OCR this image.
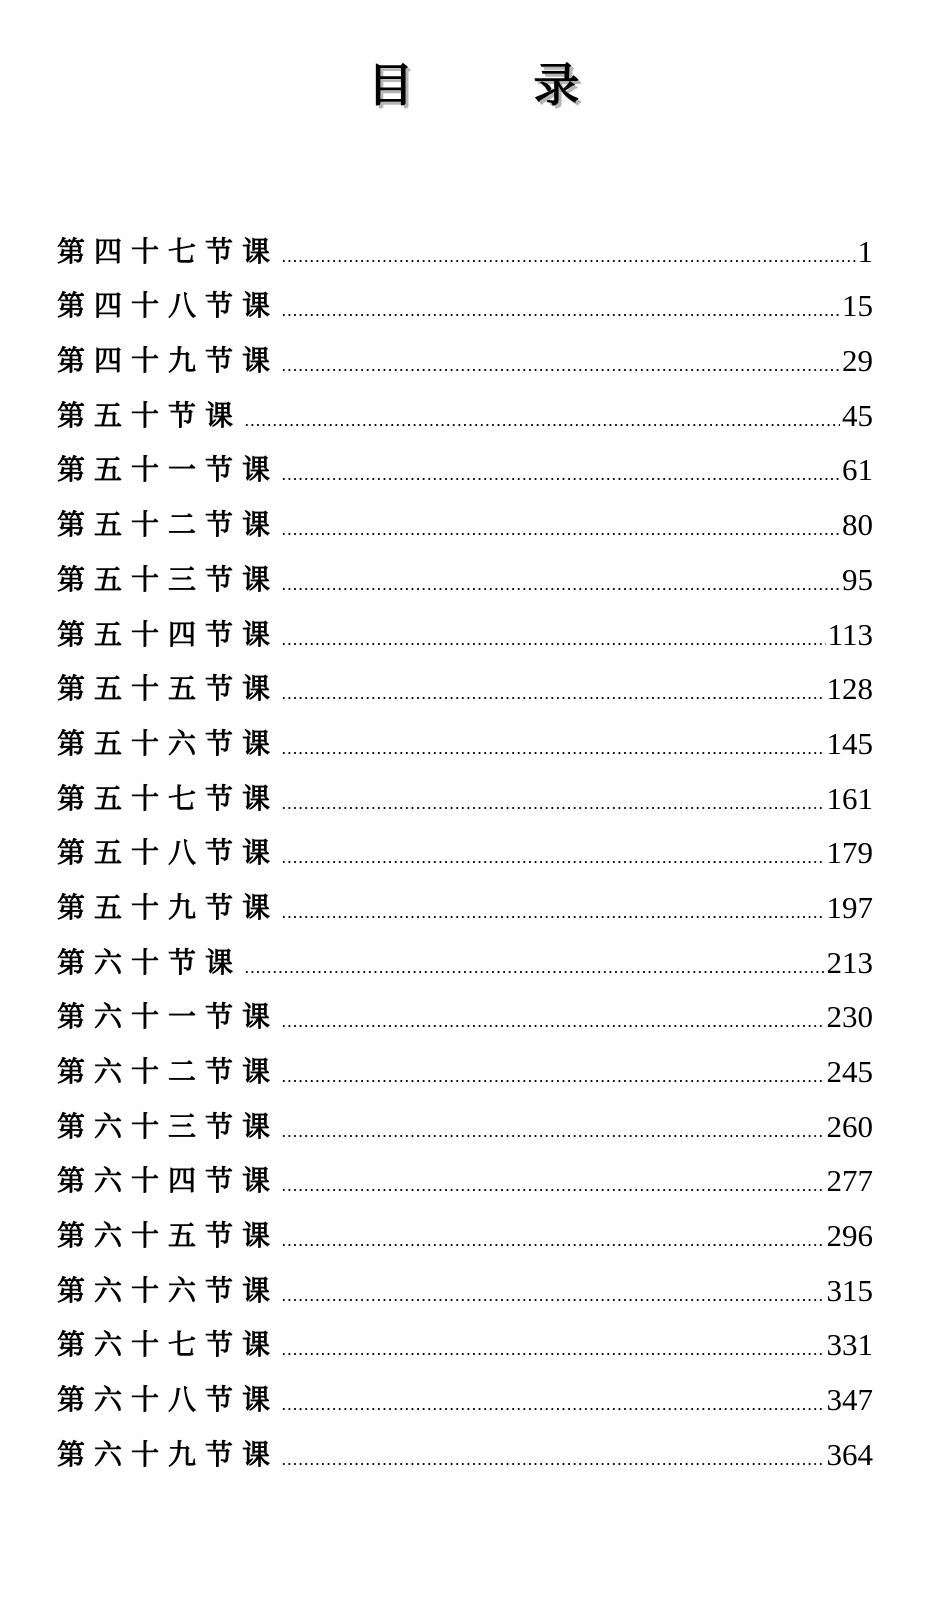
目 录
第四十七节课	1
第四十八节课	15
第四十九节课	29
第五十节课	45
第五十一节课	61
第五十二节课	80
第五十三节课	95
第五十四节课	113
第五十五节课	128
第五十六节课	145
第五十七节课	161
第五十八节课	179
第五十九节课	197
第六十节课	213
第六十一节课	230
第六十二节课	245
第六十三节课	260
第六十四节课	277
第六十五节课	296
第六十六节课	315
第六十七节课	331
第六十八节课	347
第六十九节课	364
